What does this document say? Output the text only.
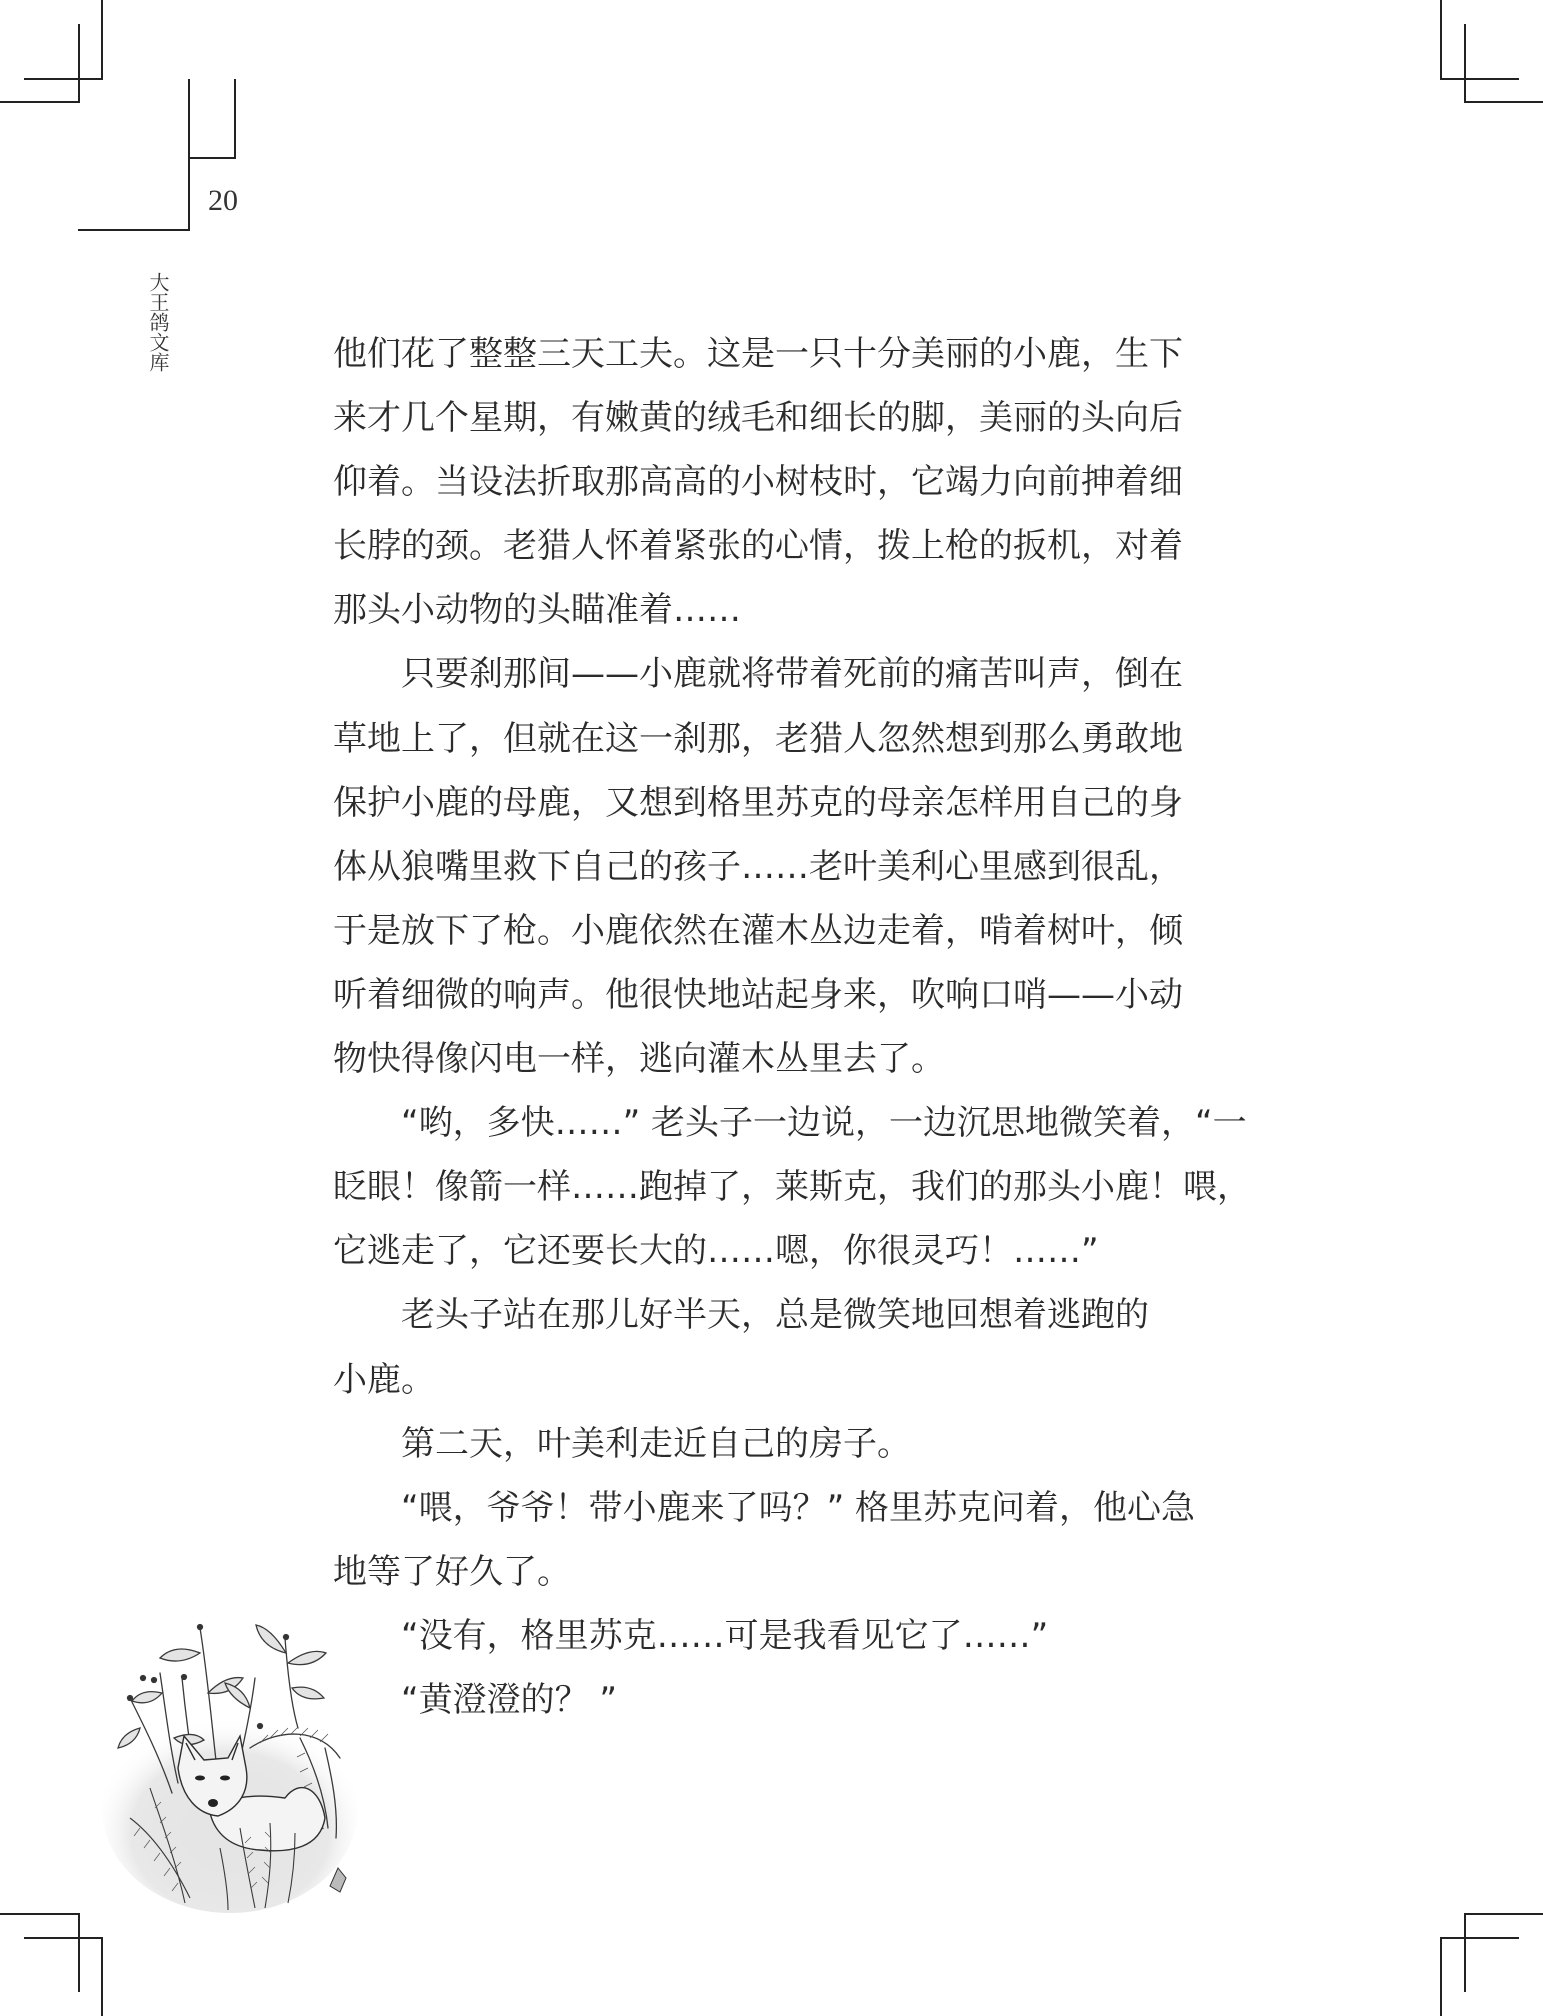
20
大王鸽文库	他们花了整整三天工夫。这是一只十分美丽的小鹿，生下
来才几个星期，有嫩黄的绒毛和细长的脚，美丽的头向后
仰着。当设法折取那高高的小树枝时，它竭力向前抻着细
长脖的颈。老猎人怀着紧张的心情，拨上枪的扳机，对着
那头小动物的头瞄准着……
只要刹那间——小鹿就将带着死前的痛苦叫声，倒在
草地上了，但就在这一刹那，老猎人忽然想到那么勇敢地
保护小鹿的母鹿，又想到格里苏克的母亲怎样用自己的身
体从狼嘴里救下自己的孩子……老叶美利心里感到很乱，
于是放下了枪。小鹿依然在灌木丛边走着，啃着树叶，倾
听着细微的响声。他很快地站起身来，吹响口哨——小动
物快得像闪电一样，逃向灌木丛里去了。
“哟，多快……” 老头子一边说，一边沉思地微笑着，“一
眨眼！像箭一样……跑掉了，莱斯克，我们的那头小鹿！喂，
它逃走了，它还要长大的……嗯，你很灵巧！……”
老头子站在那儿好半天，总是微笑地回想着逃跑的
小鹿。
第二天，叶美利走近自己的房子。
“喂，爷爷！带小鹿来了吗？” 格里苏克问着，他心急
地等了好久了。
“没有，格里苏克……可是我看见它了……”
“黄澄澄的？ ”
